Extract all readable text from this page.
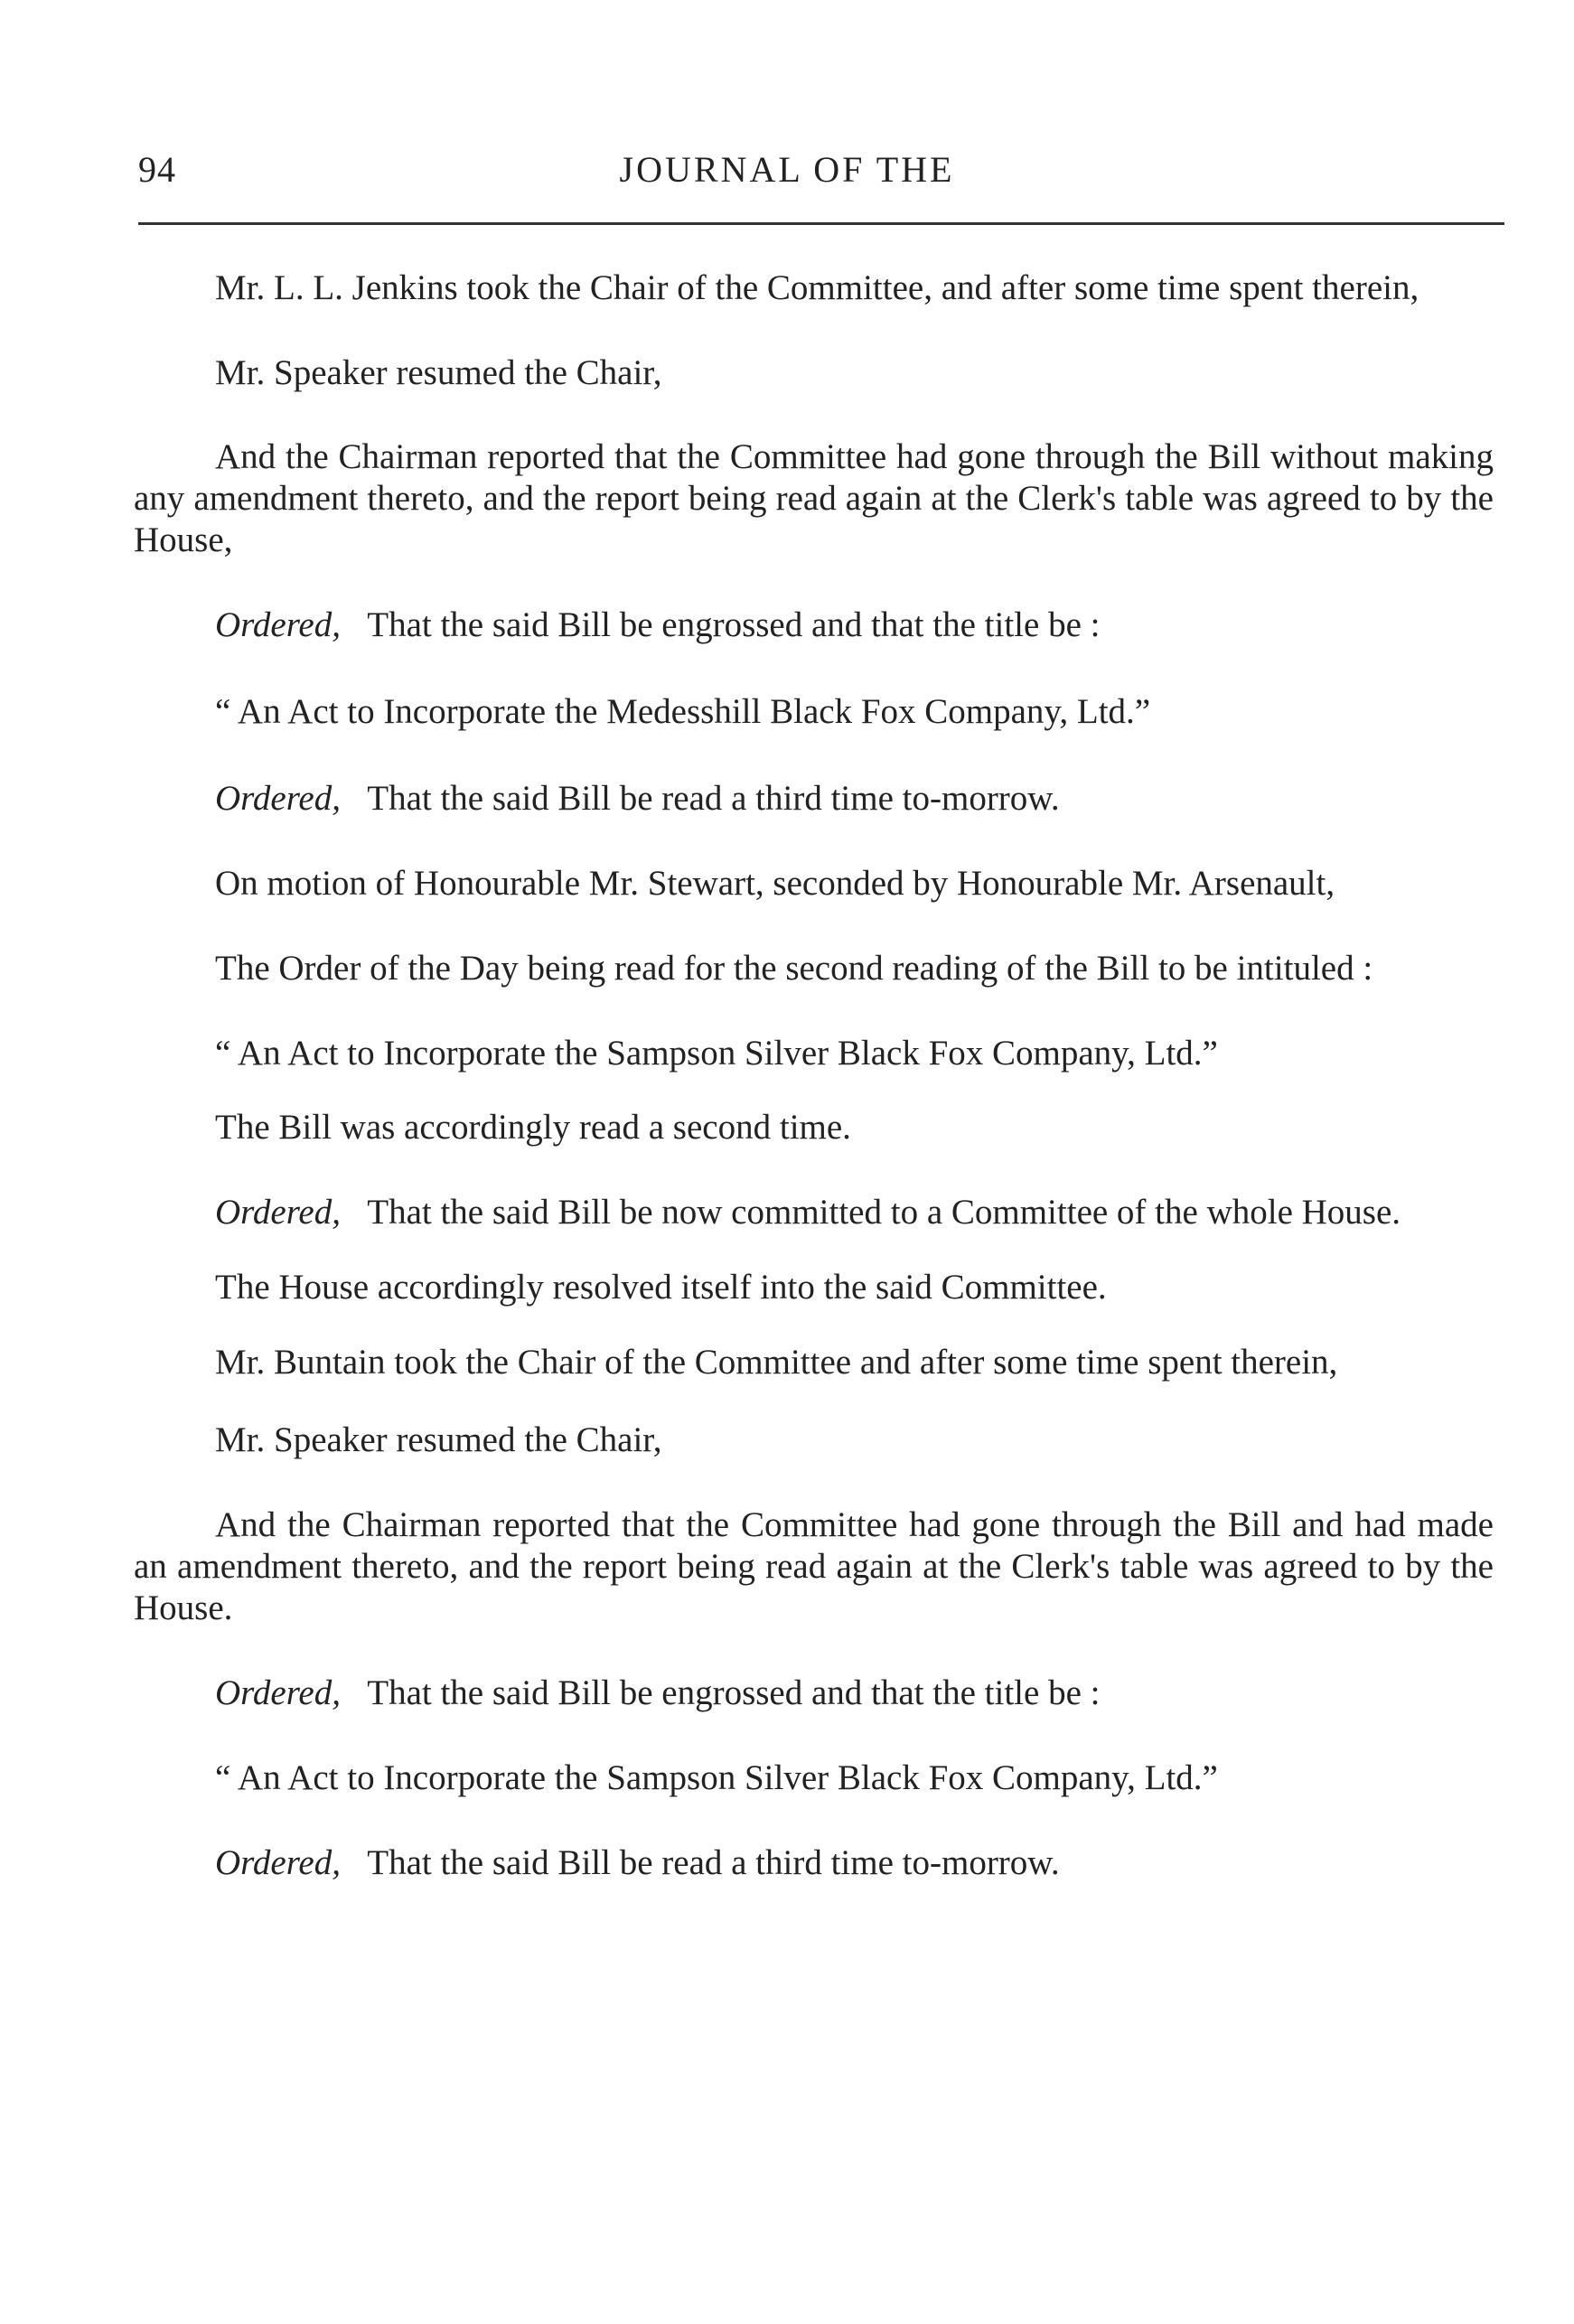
94	JOURNAL OF THE

Mr. L. L. Jenkins took the Chair of the Committee, and after some time spent therein,

Mr. Speaker resumed the Chair,

And the Chairman reported that the Committee had gone through the Bill without making any amendment thereto, and the report being read again at the Clerk's table was agreed to by the House,

Ordered, That the said Bill be engrossed and that the title be :

“ An Act to Incorporate the Medesshill Black Fox Company, Ltd.”

Ordered, That the said Bill be read a third time to-morrow.

On motion of Honourable Mr. Stewart, seconded by Honourable Mr. Arsenault,

The Order of the Day being read for the second reading of the Bill to be intituled :

“ An Act to Incorporate the Sampson Silver Black Fox Company, Ltd.”

The Bill was accordingly read a second time.

Ordered, That the said Bill be now committed to a Committee of the whole House.

The House accordingly resolved itself into the said Committee.

Mr. Buntain took the Chair of the Committee and after some time spent therein,

Mr. Speaker resumed the Chair,

And the Chairman reported that the Committee had gone through the Bill and had made an amendment thereto, and the report being read again at the Clerk's table was agreed to by the House.

Ordered, That the said Bill be engrossed and that the title be :

“ An Act to Incorporate the Sampson Silver Black Fox Company, Ltd.”

Ordered, That the said Bill be read a third time to-morrow.
